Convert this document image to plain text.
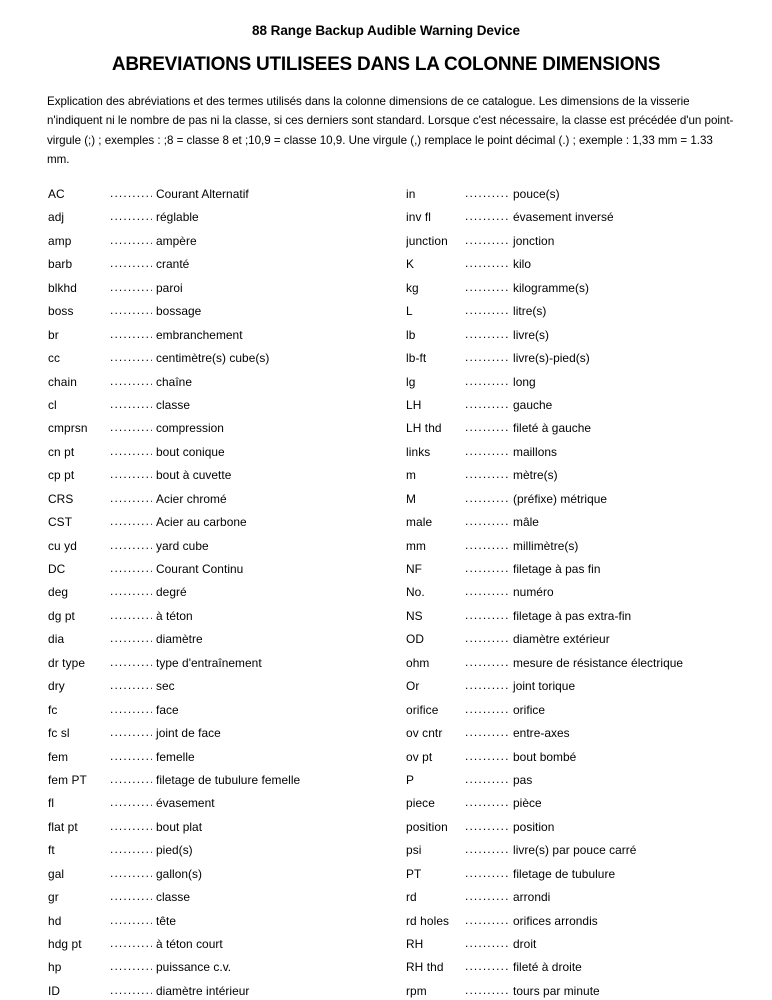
88 Range Backup Audible Warning Device
ABREVIATIONS UTILISEES DANS LA COLONNE DIMENSIONS

Explication des abréviations et des termes utilisés dans la colonne dimensions de ce catalogue. Les dimensions de la visserie n'indiquent ni le nombre de pas ni la classe, si ces derniers sont standard. Lorsque c'est nécessaire, la classe est précédée d'un point-virgule (;) ; exemples : ;8 = classe 8 et ;10,9 = classe 10,9. Une virgule (,) remplace le point décimal (.) ; exemple : 1,33 mm = 1.33 mm.

AC .....	Courant Alternatif
adj .....	réglable
amp .....	ampère
barb .....	cranté
blkhd .....	paroi
boss .....	bossage
br .....	embranchement
cc .....	centimètre(s) cube(s)
chain .....	chaîne
cl .....	classe
cmprsn .....	compression
cn pt .....	bout conique
cp pt .....	bout à cuvette
CRS .....	Acier chromé
CST .....	Acier au carbone
cu yd .....	yard cube
DC .....	Courant Continu
deg .....	degré
dg pt .....	à téton
dia .....	diamètre
dr type .....	type d'entraînement
dry .....	sec
fc .....	face
fc sl .....	joint de face
fem .....	femelle
fem PT .....	filetage de tubulure femelle
fl .....	évasement
flat pt .....	bout plat
ft .....	pied(s)
gal .....	gallon(s)
gr .....	classe
hd .....	tête
hdg pt .....	à téton court
hp .....	puissance c.v.
ID .....	diamètre intérieur
in .....	pouce(s)
inv fl .....	évasement inversé
junction .....	jonction
K .....	kilo
kg .....	kilogramme(s)
L .....	litre(s)
lb .....	livre(s)
lb-ft .....	livre(s)-pied(s)
lg .....	long
LH .....	gauche
LH thd .....	fileté à gauche
links .....	maillons
m .....	mètre(s)
M .....	(préfixe) métrique
male .....	mâle
mm .....	millimètre(s)
NF .....	filetage à pas fin
No. .....	numéro
NS .....	filetage à pas extra-fin
OD .....	diamètre extérieur
ohm .....	mesure de résistance électrique
Or .....	joint torique
orifice .....	orifice
ov cntr .....	entre-axes
ov pt .....	bout bombé
P .....	pas
piece .....	pièce
position .....	position
psi .....	livre(s) par pouce carré
PT .....	filetage de tubulure
rd .....	arrondi
rd holes .....	orifices arrondis
RH .....	droit
RH thd .....	fileté à droite
rpm .....	tours par minute
